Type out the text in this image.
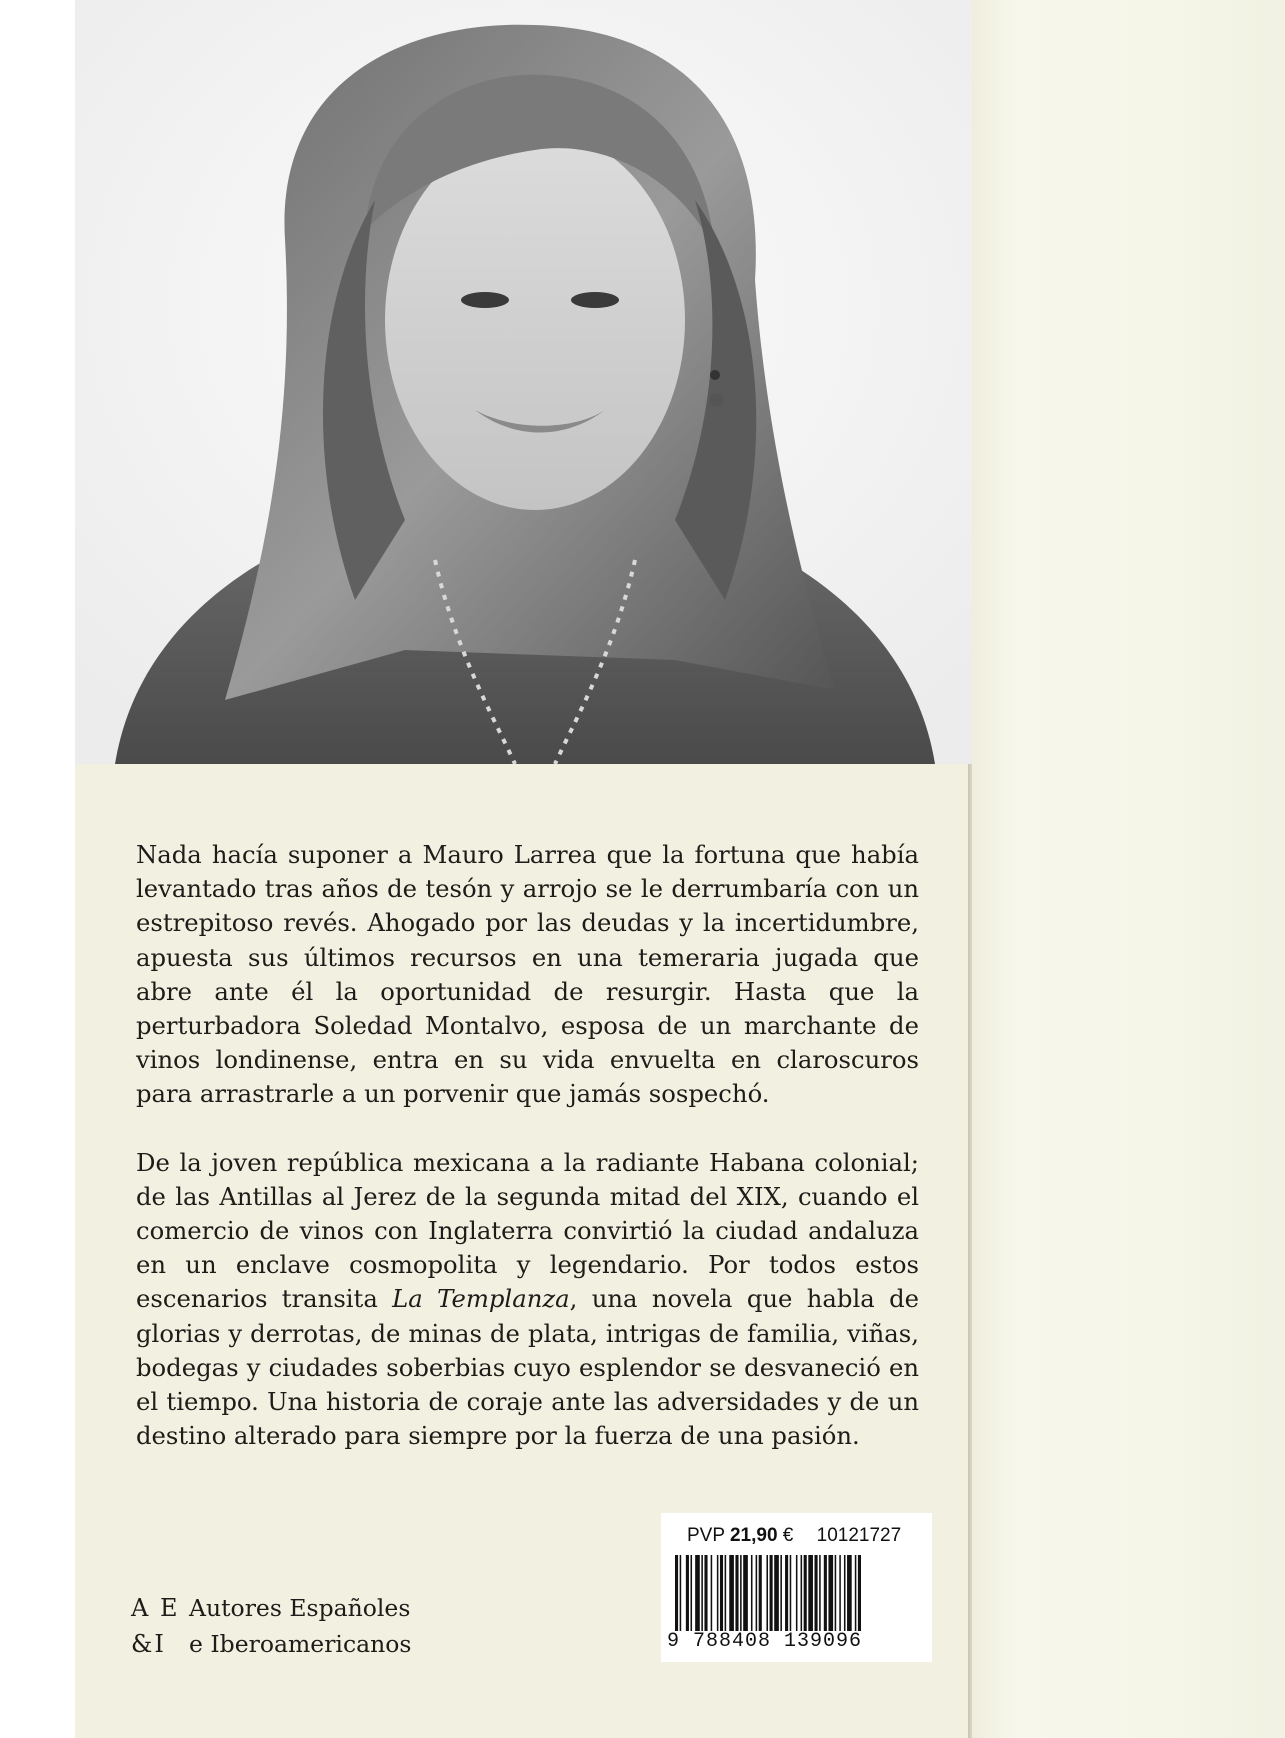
Nada hacía suponer a Mauro Larrea que la fortuna que había levantado tras años de tesón y arrojo se le derrumbaría con un estrepitoso revés. Ahogado por las deudas y la incertidumbre, apuesta sus últimos recursos en una temeraria jugada que abre ante él la oportunidad de resurgir. Hasta que la perturbadora Soledad Montalvo, esposa de un marchante de vinos londinense, entra en su vida envuelta en claroscuros para arrastrarle a un porvenir que jamás sospechó.

De la joven república mexicana a la radiante Habana colonial; de las Antillas al Jerez de la segunda mitad del XIX, cuando el comercio de vinos con Inglaterra convirtió la ciudad andaluza en un enclave cosmopolita y legendario. Por todos estos escenarios transita La Templanza, una novela que habla de glorias y derrotas, de minas de plata, intrigas de familia, viñas, bodegas y ciudades soberbias cuyo esplendor se desvaneció en el tiempo. Una historia de coraje ante las adversidades y de un destino alterado para siempre por la fuerza de una pasión.

A E Autores Españoles
&I e Iberoamericanos
PVP 21,90 € 10121727
9 788408 139096
